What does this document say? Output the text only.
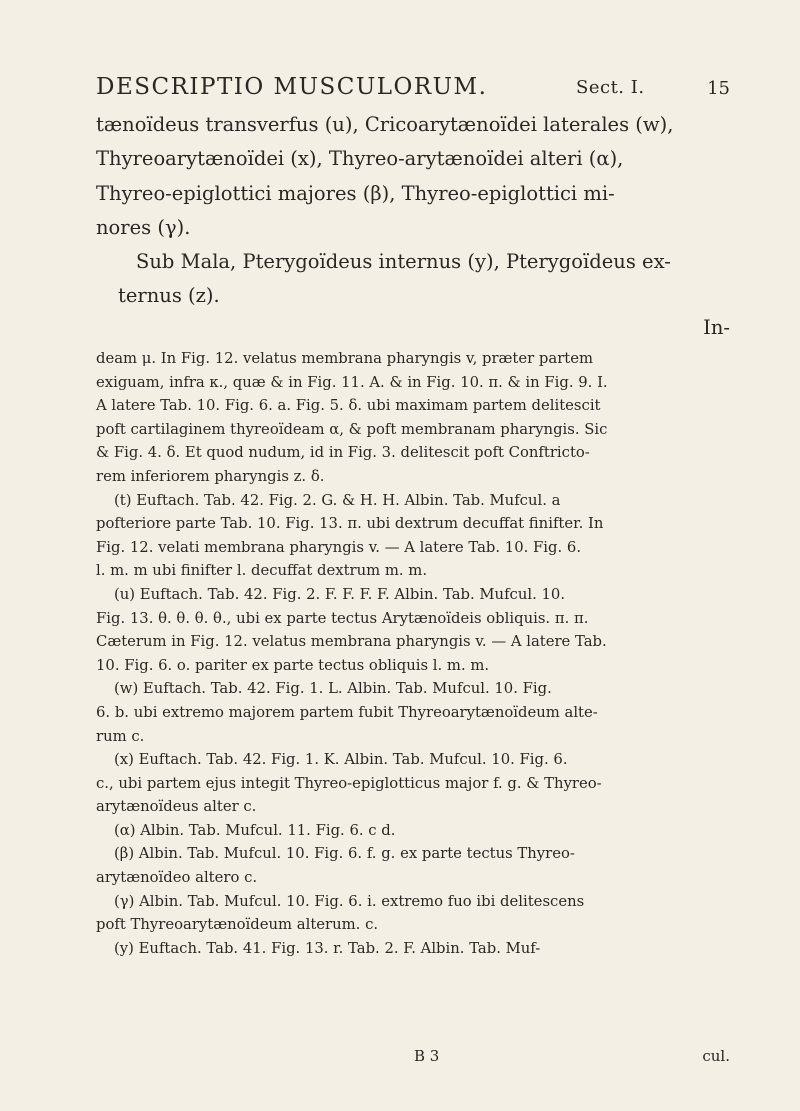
DESCRIPTIO MUSCULORUM.	Sect. I.	15
tænoïdeus transverfus (u), Cricoarytænoïdei laterales (w),
Thyreoarytænoïdei (x), Thyreo-arytænoïdei alteri (α),
Thyreo-epiglottici majores (β), Thyreo-epiglottici mi-
nores (γ).
Sub Mala, Pterygoïdeus internus (y), Pterygoïdeus ex-
ternus (z).
In-
deam μ. In Fig. 12. velatus membrana pharyngis v, præter partem
exiguam, infra κ., quæ & in Fig. 11. A. & in Fig. 10. π. & in Fig. 9. I.
A latere Tab. 10. Fig. 6. a. Fig. 5. δ. ubi maximam partem delitescit
poft cartilaginem thyreoïdeam α, & poft membranam pharyngis. Sic
& Fig. 4. δ. Et quod nudum, id in Fig. 3. delitescit poft Conftrictо-
rem inferiorem pharyngis z. δ.
(t) Euftach. Tab. 42. Fig. 2. G. & H. H. Albin. Tab. Mufcul. a
pofteriore parte Tab. 10. Fig. 13. π. ubi dextrum decuffat finifter. In
Fig. 12. velati membrana pharyngis v. — A latere Tab. 10. Fig. 6.
l. m. m ubi finifter l. decuffat dextrum m. m.
(u) Euftach. Tab. 42. Fig. 2. F. F. F. F. Albin. Tab. Mufcul. 10.
Fig. 13. θ. θ. θ. θ., ubi ex parte tectus Arytænoïdeis obliquis. π. π.
Cæterum in Fig. 12. velatus membrana pharyngis v. — A latere Tab.
10. Fig. 6. o. pariter ex parte tectus obliquis l. m. m.
(w) Euftach. Tab. 42. Fig. 1. L. Albin. Tab. Mufcul. 10. Fig.
6. b. ubi extremo majorem partem fubit Thyreoarytænoïdeum alte-
rum c.
(x) Euftach. Tab. 42. Fig. 1. K. Albin. Tab. Mufcul. 10. Fig. 6.
c., ubi partem ejus integit Thyreo-epiglotticus major f. g. & Thyreo-
arytænoïdeus alter c.
(α) Albin. Tab. Mufcul. 11. Fig. 6. c d.
(β) Albin. Tab. Mufcul. 10. Fig. 6. f. g. ex parte tectus Thyreo-
arytænoïdeo altero c.
(γ) Albin. Tab. Mufcul. 10. Fig. 6. i. extremo fuo ibi delitescens
poft Thyreoarytænoïdeum alterum. c.
(y) Euftach. Tab. 41. Fig. 13. r. Tab. 2. F. Albin. Tab. Muf-
B 3	cul.
